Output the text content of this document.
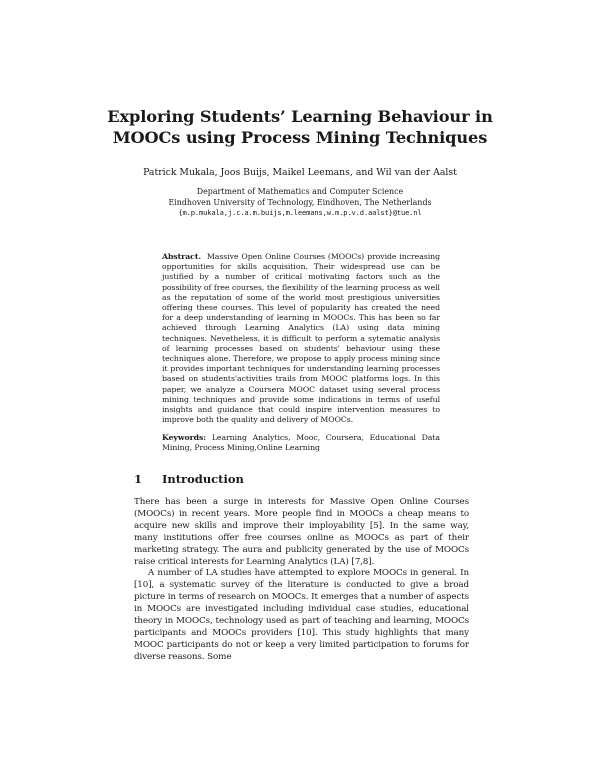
Exploring Students’ Learning Behaviour in
MOOCs using Process Mining Techniques
Patrick Mukala, Joos Buijs, Maikel Leemans, and Wil van der Aalst
Department of Mathematics and Computer Science
Eindhoven University of Technology, Eindhoven, The Netherlands
{m.p.mukala,j.c.a.m.buijs,m.leemans,w.m.p.v.d.aalst}@tue.nl

Abstract. Massive Open Online Courses (MOOCs) provide increasing opportunities for skills acquisition. Their widespread use can be justified by a number of critical motivating factors such as the possibility of free courses, the flexibility of the learning process as well as the reputation of some of the world most prestigious universities offering these courses. This level of popularity has created the need for a deep understanding of learning in MOOCs. This has been so far achieved through Learning Analytics (LA) using data mining techniques. Nevetheless, it is difficult to perform a sytematic analysis of learning processes based on students' behaviour using these techniques alone. Therefore, we propose to apply process mining since it provides important techniques for understanding learning processes based on students'activities trails from MOOC platforms logs. In this paper, we analyze a Coursera MOOC dataset using several process mining techniques and provide some indications in terms of useful insights and guidance that could inspire intervention measures to improve both the quality and delivery of MOOCs.

Keywords: Learning Analytics, Mooc, Coursera, Educational Data Mining, Process Mining,Online Learning
1 Introduction

There has been a surge in interests for Massive Open Online Courses (MOOCs) in recent years. More people find in MOOCs a cheap means to acquire new skills and improve their imployability [5]. In the same way, many institutions offer free courses online as MOOCs as part of their marketing strategy. The aura and publicity generated by the use of MOOCs raise critical interests for Learning Analytics (LA) [7,8].

A number of LA studies have attempted to explore MOOCs in general. In [10], a systematic survey of the literature is conducted to give a broad picture in terms of research on MOOCs. It emerges that a number of aspects in MOOCs are investigated including individual case studies, educational theory in MOOCs, technology used as part of teaching and learning, MOOCs participants and MOOCs providers [10]. This study highlights that many MOOC participants do not or keep a very limited participation to forums for diverse reasons. Some
